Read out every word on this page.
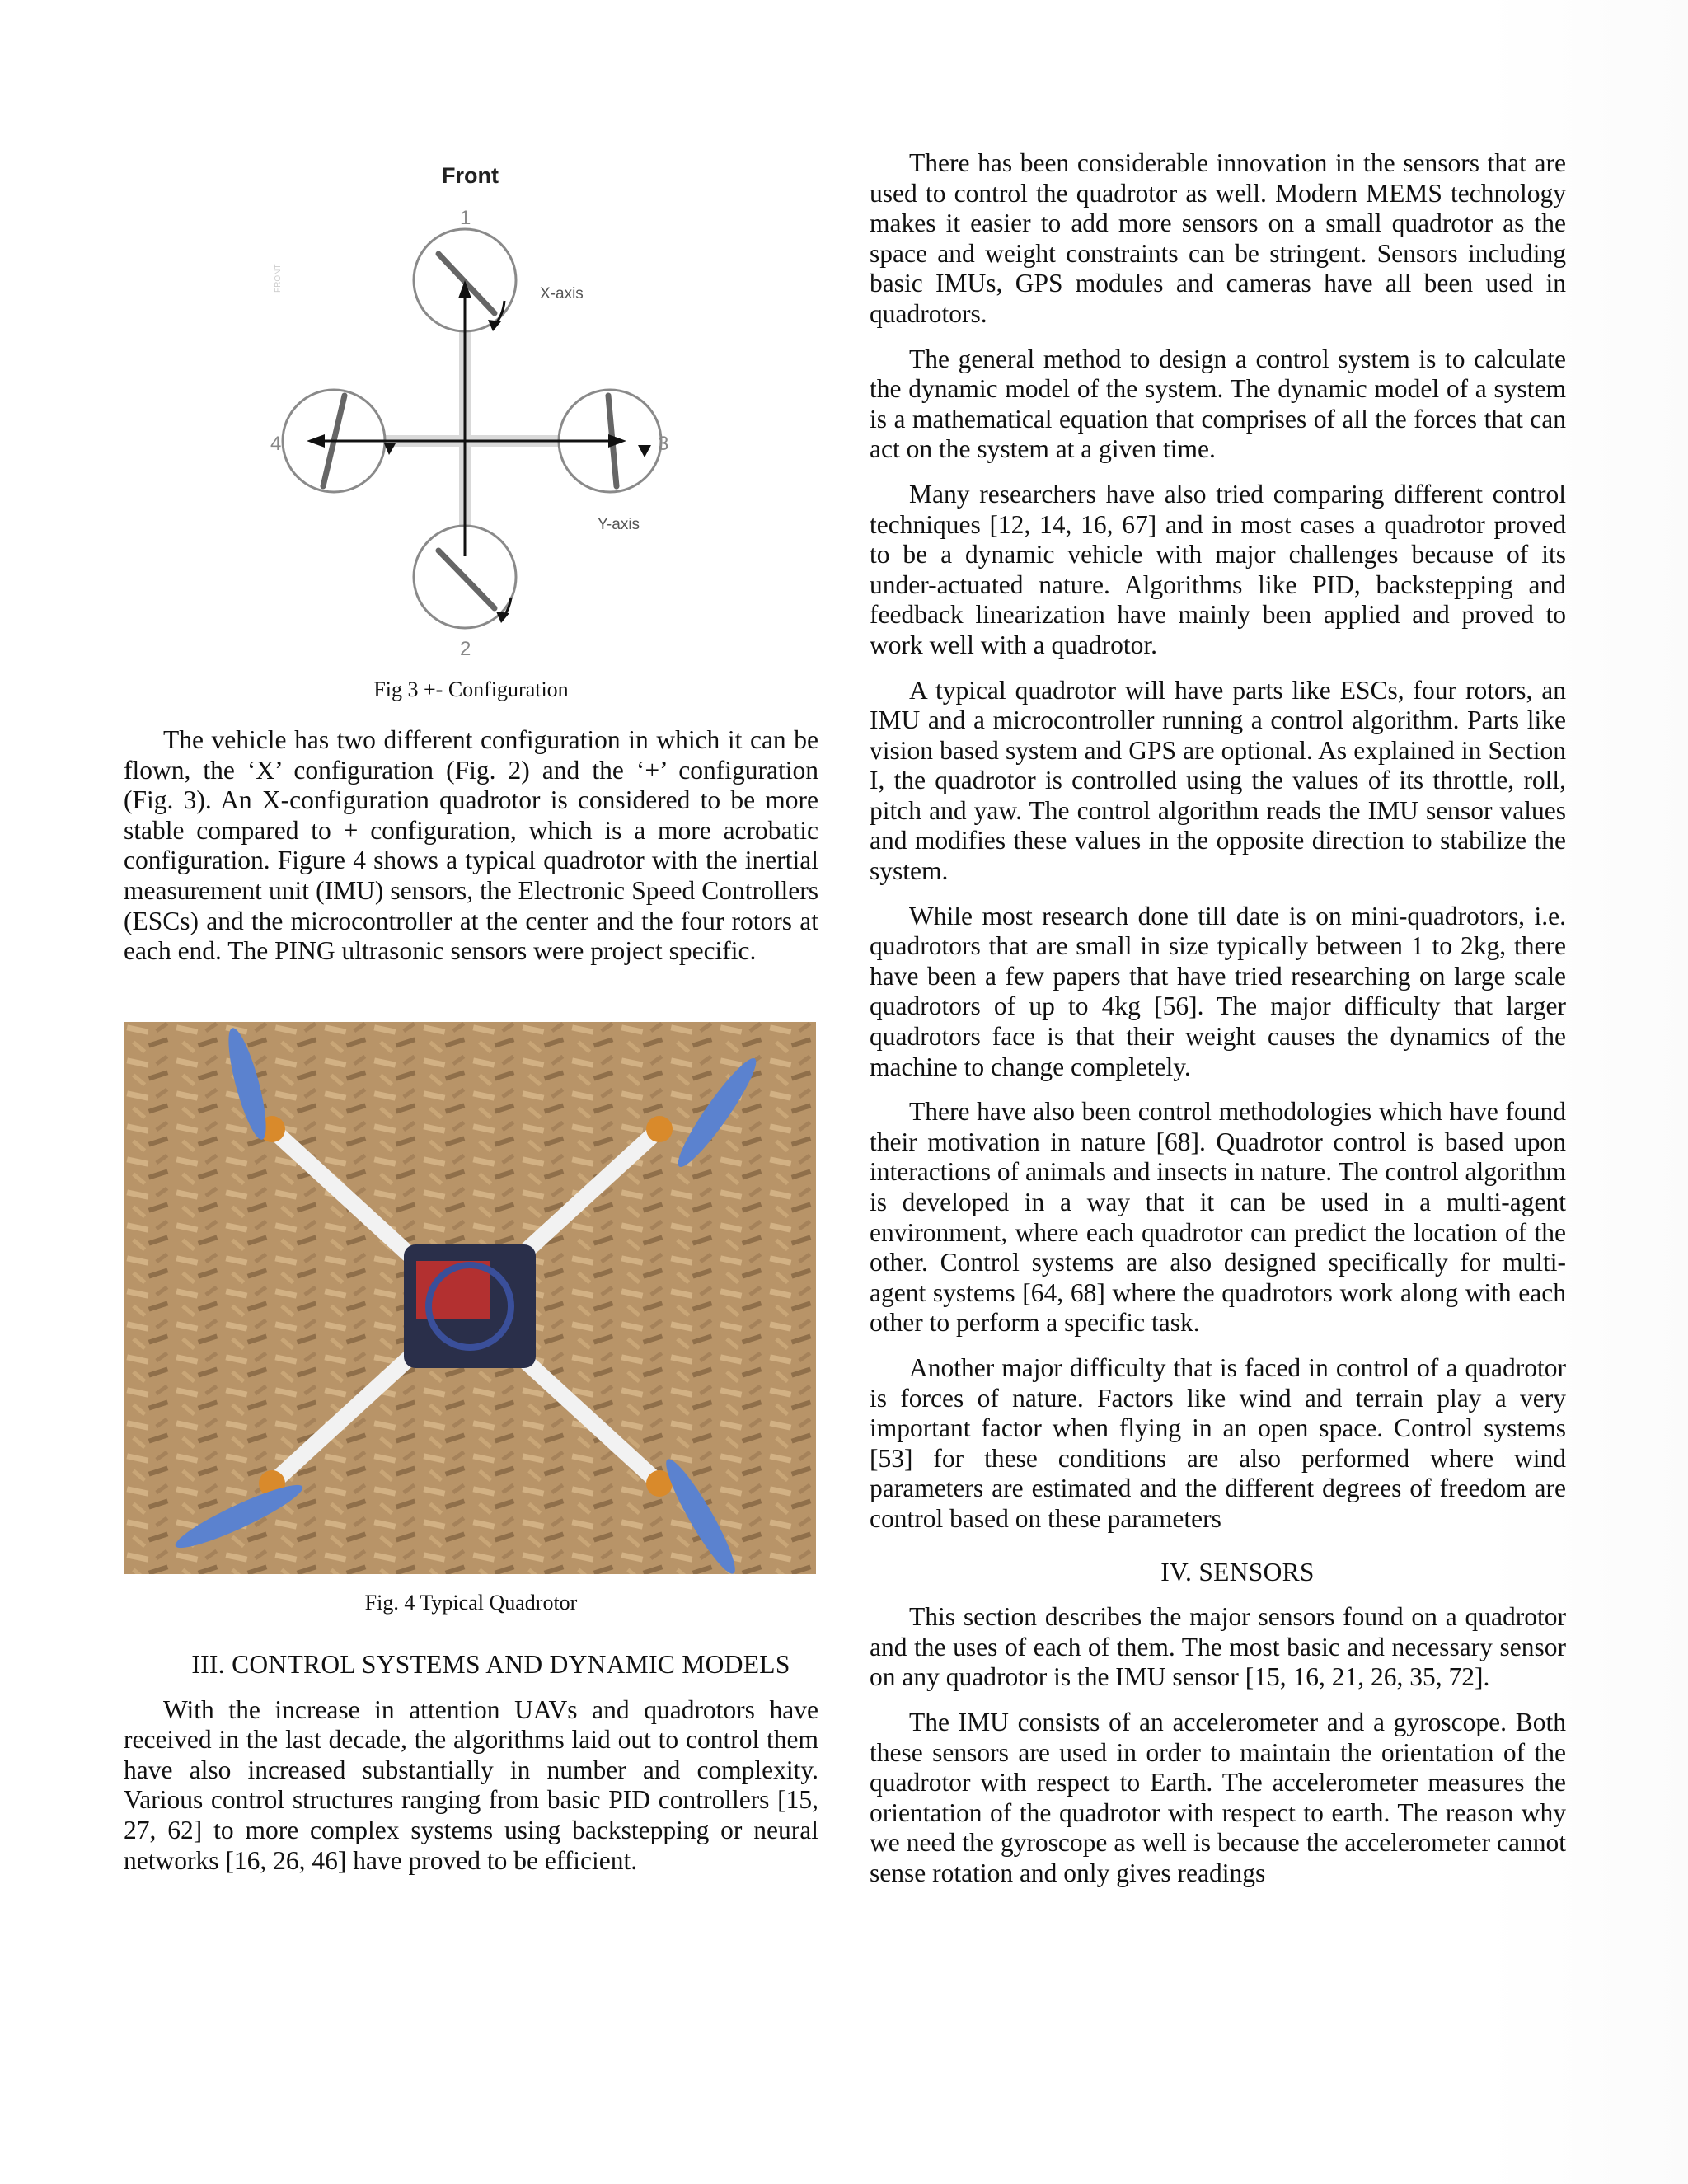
Front
FRONT
1
2
3
4
X-axis
Y-axis
Fig 3 +- Configuration

The vehicle has two different configuration in which it can be flown, the ‘X’ configuration (Fig. 2) and the ‘+’ configuration (Fig. 3). An X-configuration quadrotor is considered to be more stable compared to + configuration, which is a more acrobatic configuration. Figure 4 shows a typical quadrotor with the inertial measurement unit (IMU) sensors, the Electronic Speed Controllers (ESCs) and the microcontroller at the center and the four rotors at each end. The PING ultrasonic sensors were project specific.

Fig. 4 Typical Quadrotor

III. CONTROL SYSTEMS AND DYNAMIC MODELS

With the increase in attention UAVs and quadrotors have received in the last decade, the algorithms laid out to control them have also increased substantially in number and complexity. Various control structures ranging from basic PID controllers [15, 27, 62] to more complex systems using backstepping or neural networks [16, 26, 46] have proved to be efficient.

There has been considerable innovation in the sensors that are used to control the quadrotor as well. Modern MEMS technology makes it easier to add more sensors on a small quadrotor as the space and weight constraints can be stringent. Sensors including basic IMUs, GPS modules and cameras have all been used in quadrotors.

The general method to design a control system is to calculate the dynamic model of the system. The dynamic model of a system is a mathematical equation that comprises of all the forces that can act on the system at a given time.

Many researchers have also tried comparing different control techniques [12, 14, 16, 67] and in most cases a quadrotor proved to be a dynamic vehicle with major challenges because of its under-actuated nature. Algorithms like PID, backstepping and feedback linearization have mainly been applied and proved to work well with a quadrotor.

A typical quadrotor will have parts like ESCs, four rotors, an IMU and a microcontroller running a control algorithm. Parts like vision based system and GPS are optional. As explained in Section I, the quadrotor is controlled using the values of its throttle, roll, pitch and yaw. The control algorithm reads the IMU sensor values and modifies these values in the opposite direction to stabilize the system.

While most research done till date is on mini-quadrotors, i.e. quadrotors that are small in size typically between 1 to 2kg, there have been a few papers that have tried researching on large scale quadrotors of up to 4kg [56]. The major difficulty that larger quadrotors face is that their weight causes the dynamics of the machine to change completely.

There have also been control methodologies which have found their motivation in nature [68]. Quadrotor control is based upon interactions of animals and insects in nature. The control algorithm is developed in a way that it can be used in a multi-agent environment, where each quadrotor can predict the location of the other. Control systems are also designed specifically for multi-agent systems [64, 68] where the quadrotors work along with each other to perform a specific task.

Another major difficulty that is faced in control of a quadrotor is forces of nature. Factors like wind and terrain play a very important factor when flying in an open space. Control systems [53] for these conditions are also performed where wind parameters are estimated and the different degrees of freedom are control based on these parameters

IV. SENSORS

This section describes the major sensors found on a quadrotor and the uses of each of them. The most basic and necessary sensor on any quadrotor is the IMU sensor [15, 16, 21, 26, 35, 72].

The IMU consists of an accelerometer and a gyroscope. Both these sensors are used in order to maintain the orientation of the quadrotor with respect to Earth. The accelerometer measures the orientation of the quadrotor with respect to earth. The reason why we need the gyroscope as well is because the accelerometer cannot sense rotation and only gives readings
